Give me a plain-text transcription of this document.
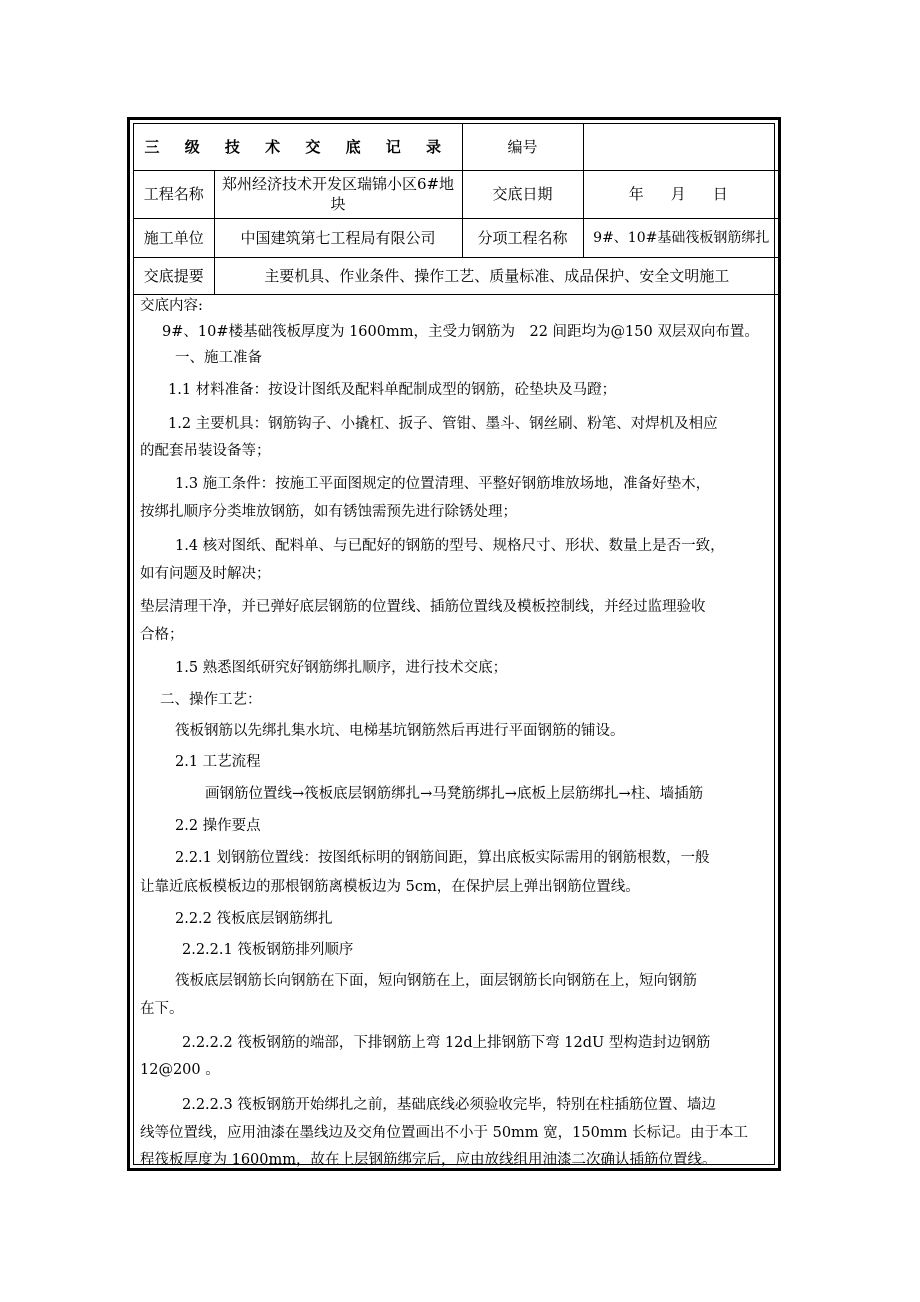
三 级 技 术 交 底 记 录		编号	
工程名称	郑州经济技术开发区瑞锦小区6#地块	交底日期	年　月　日
施工单位	中国建筑第七工程局有限公司	分项工程名称	9#、10#基础筏板钢筋绑扎
交底提要	主要机具、作业条件、操作工艺、质量标准、成品保护、安全文明施工		
交底内容:
9#、10#楼基础筏板厚度为 1600mm，主受力钢筋为　22 间距均为@150 双层双向布置。
一、施工准备
1.1 材料准备：按设计图纸及配料单配制成型的钢筋，砼垫块及马蹬；
1.2 主要机具：钢筋钩子、小撬杠、扳子、管钳、墨斗、钢丝刷、粉笔、对焊机及相应
的配套吊装设备等；
1.3 施工条件：按施工平面图规定的位置清理、平整好钢筋堆放场地，准备好垫木，
按绑扎顺序分类堆放钢筋，如有锈蚀需预先进行除锈处理；
1.4 核对图纸、配料单、与已配好的钢筋的型号、规格尺寸、形状、数量上是否一致，
如有问题及时解决；
垫层清理干净，并已弹好底层钢筋的位置线、插筋位置线及模板控制线，并经过监理验收
合格；
1.5 熟悉图纸研究好钢筋绑扎顺序，进行技术交底；
二、操作工艺：
筏板钢筋以先绑扎集水坑、电梯基坑钢筋然后再进行平面钢筋的铺设。
2.1 工艺流程
画钢筋位置线→筏板底层钢筋绑扎→马凳筋绑扎→底板上层筋绑扎→柱、墙插筋
2.2 操作要点
2.2.1 划钢筋位置线：按图纸标明的钢筋间距，算出底板实际需用的钢筋根数，一般
让靠近底板模板边的那根钢筋离模板边为 5cm，在保护层上弹出钢筋位置线。
2.2.2 筏板底层钢筋绑扎
2.2.2.1 筏板钢筋排列顺序
筏板底层钢筋长向钢筋在下面，短向钢筋在上，面层钢筋长向钢筋在上，短向钢筋
在下。
2.2.2.2 筏板钢筋的端部，下排钢筋上弯 12d上排钢筋下弯 12dU 型构造封边钢筋
12@200 。
2.2.2.3 筏板钢筋开始绑扎之前，基础底线必须验收完毕，特别在柱插筋位置、墙边
线等位置线，应用油漆在墨线边及交角位置画出不小于 50mm 宽，150mm 长标记。由于本工
程筏板厚度为 1600mm，故在上层钢筋绑完后，应由放线组用油漆二次确认插筋位置线。
